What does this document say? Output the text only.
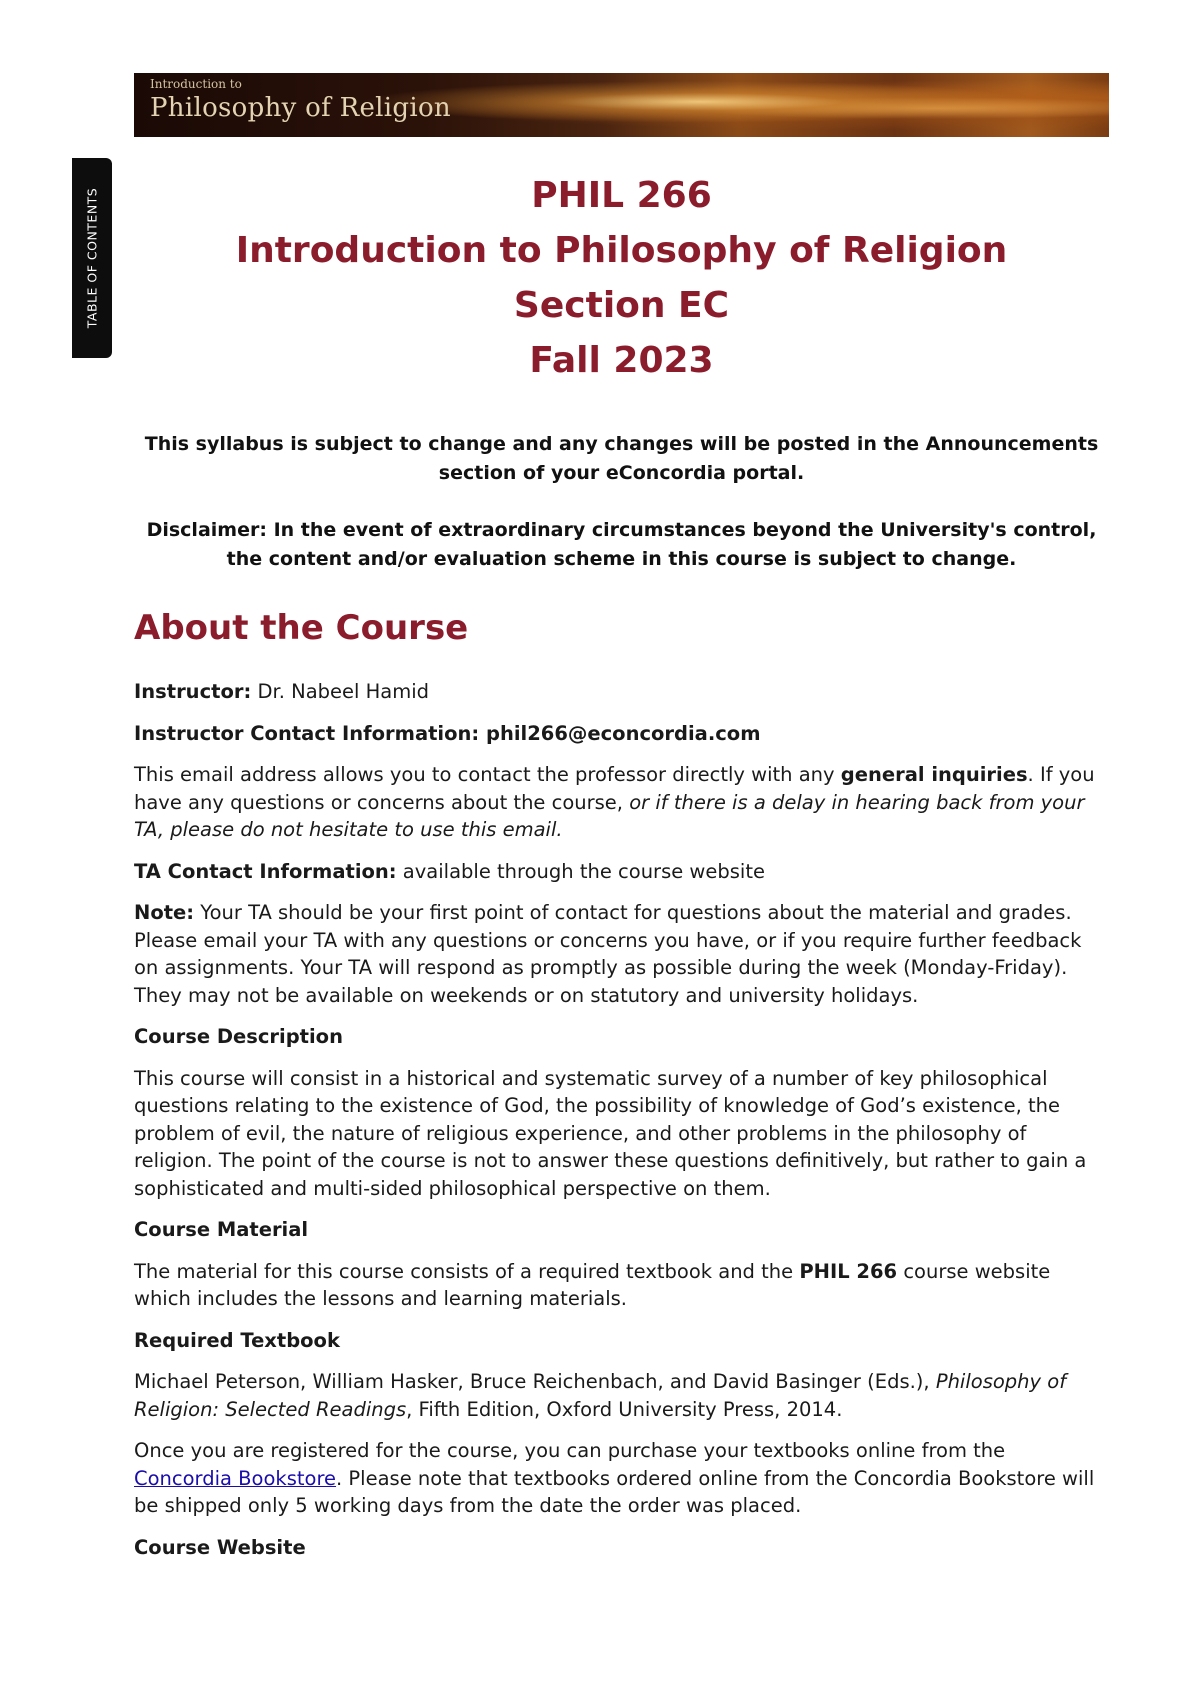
Introduction to
Philosophy of Religion
TABLE OF CONTENTS	PHIL 266
Introduction to Philosophy of Religion
Section EC
Fall 2023

This syllabus is subject to change and any changes will be posted in the Announcements section of your eConcordia portal.

Disclaimer: In the event of extraordinary circumstances beyond the University's control, the content and/or evaluation scheme in this course is subject to change.

About the Course

Instructor: Dr. Nabeel Hamid

Instructor Contact Information: phil266@econcordia.com

This email address allows you to contact the professor directly with any general inquiries. If you have any questions or concerns about the course, or if there is a delay in hearing back from your TA, please do not hesitate to use this email.

TA Contact Information: available through the course website

Note: Your TA should be your first point of contact for questions about the material and grades. Please email your TA with any questions or concerns you have, or if you require further feedback on assignments. Your TA will respond as promptly as possible during the week (Monday-Friday). They may not be available on weekends or on statutory and university holidays.

Course Description

This course will consist in a historical and systematic survey of a number of key philosophical questions relating to the existence of God, the possibility of knowledge of God’s existence, the problem of evil, the nature of religious experience, and other problems in the philosophy of religion. The point of the course is not to answer these questions definitively, but rather to gain a sophisticated and multi-sided philosophical perspective on them.

Course Material

The material for this course consists of a required textbook and the PHIL 266 course website which includes the lessons and learning materials.

Required Textbook

Michael Peterson, William Hasker, Bruce Reichenbach, and David Basinger (Eds.), Philosophy of Religion: Selected Readings, Fifth Edition, Oxford University Press, 2014.

Once you are registered for the course, you can purchase your textbooks online from the Concordia Bookstore. Please note that textbooks ordered online from the Concordia Bookstore will be shipped only 5 working days from the date the order was placed.

Course Website
